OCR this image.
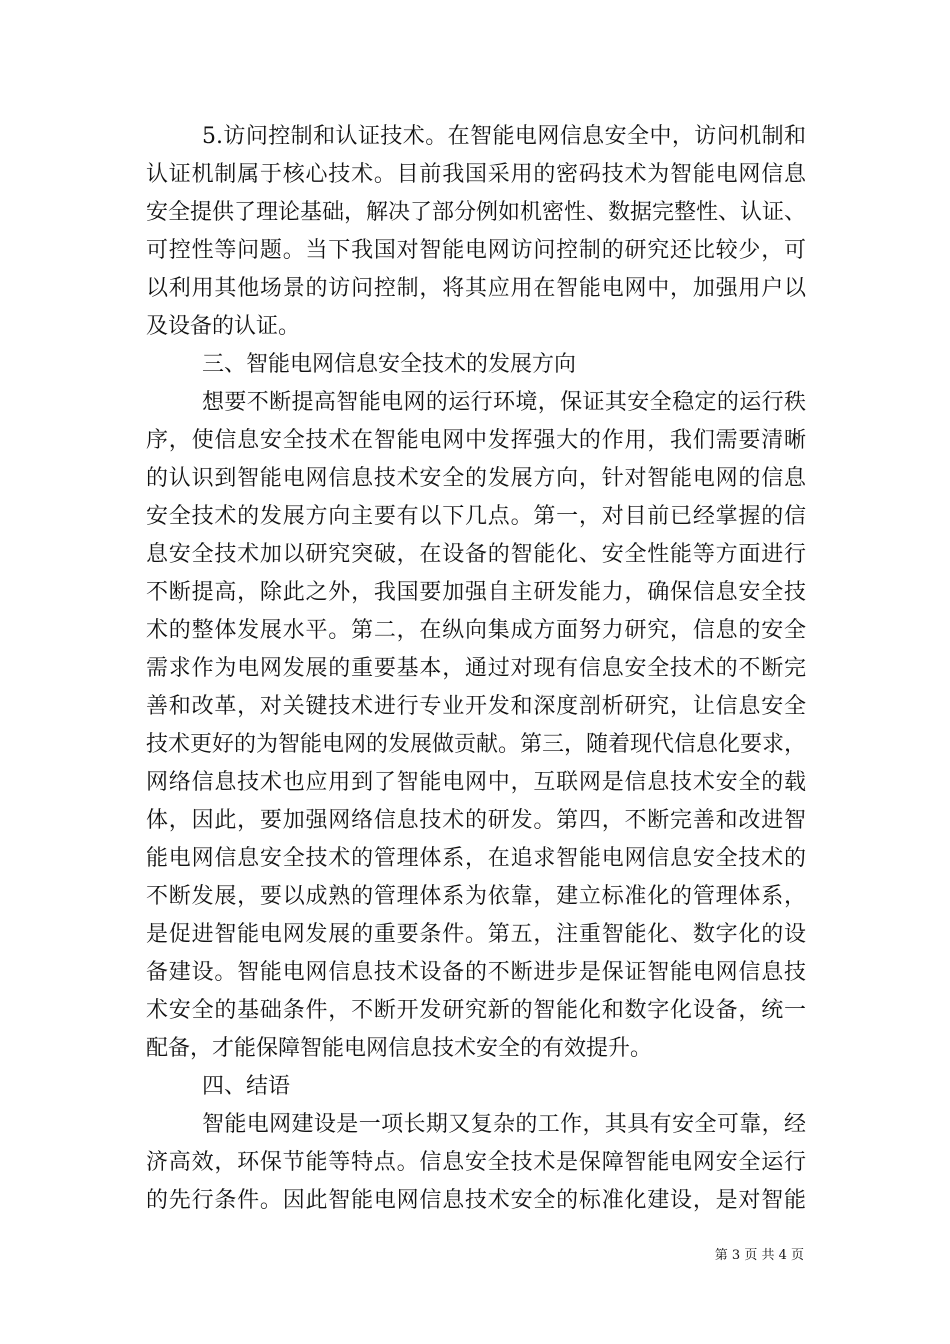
5.访问控制和认证技术。在智能电网信息安全中，访问机制和
认证机制属于核心技术。目前我国采用的密码技术为智能电网信息
安全提供了理论基础，解决了部分例如机密性、数据完整性、认证、
可控性等问题。当下我国对智能电网访问控制的研究还比较少，可
以利用其他场景的访问控制，将其应用在智能电网中，加强用户以
及设备的认证。
三、智能电网信息安全技术的发展方向
想要不断提高智能电网的运行环境，保证其安全稳定的运行秩
序，使信息安全技术在智能电网中发挥强大的作用，我们需要清晰
的认识到智能电网信息技术安全的发展方向，针对智能电网的信息
安全技术的发展方向主要有以下几点。第一，对目前已经掌握的信
息安全技术加以研究突破，在设备的智能化、安全性能等方面进行
不断提高，除此之外，我国要加强自主研发能力，确保信息安全技
术的整体发展水平。第二，在纵向集成方面努力研究，信息的安全
需求作为电网发展的重要基本，通过对现有信息安全技术的不断完
善和改革，对关键技术进行专业开发和深度剖析研究，让信息安全
技术更好的为智能电网的发展做贡献。第三，随着现代信息化要求，
网络信息技术也应用到了智能电网中，互联网是信息技术安全的载
体，因此，要加强网络信息技术的研发。第四，不断完善和改进智
能电网信息安全技术的管理体系，在追求智能电网信息安全技术的
不断发展，要以成熟的管理体系为依靠，建立标准化的管理体系，
是促进智能电网发展的重要条件。第五，注重智能化、数字化的设
备建设。智能电网信息技术设备的不断进步是保证智能电网信息技
术安全的基础条件，不断开发研究新的智能化和数字化设备，统一
配备，才能保障智能电网信息技术安全的有效提升。
四、结语
智能电网建设是一项长期又复杂的工作，其具有安全可靠，经
济高效，环保节能等特点。信息安全技术是保障智能电网安全运行
的先行条件。因此智能电网信息技术安全的标准化建设，是对智能
第 3 页 共 4 页
